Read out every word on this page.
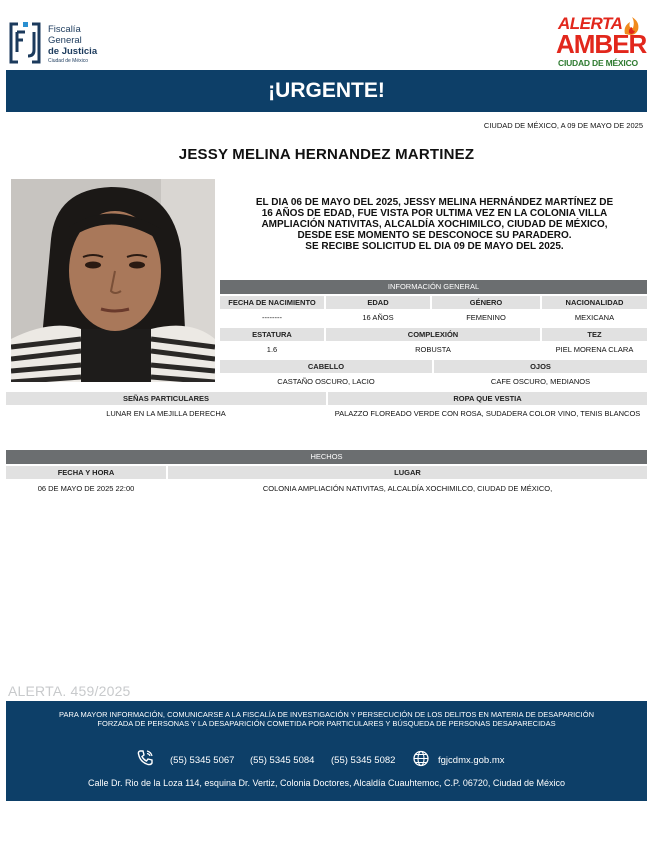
Fiscalía
General
de Justicia
Ciudad de México
ALERTA
AMBER
CIUDAD DE MÉXICO
¡URGENTE!
CIUDAD DE MÉXICO, A 09 DE MAYO DE 2025
JESSY MELINA HERNANDEZ MARTINEZ
EL DIA 06 DE MAYO DEL 2025, JESSY MELINA HERNÁNDEZ MARTÍNEZ DE
16 AÑOS DE EDAD, FUE VISTA POR ULTIMA VEZ EN LA COLONIA VILLA
AMPLIACIÓN NATIVITAS, ALCALDÍA XOCHIMILCO, CIUDAD DE MÉXICO,
DESDE ESE MOMENTO SE DESCONOCE SU PARADERO.
SE RECIBE SOLICITUD EL DIA 09 DE MAYO DEL 2025.
INFORMACIÓN GENERAL
FECHA DE NACIMIENTO	EDAD	GÉNERO	NACIONALIDAD
--------	16 AÑOS	FEMENINO	MEXICANA
ESTATURA	COMPLEXIÓN	TEZ
1.6	ROBUSTA	PIEL MORENA CLARA
CABELLO	OJOS
CASTAÑO OSCURO, LACIO	CAFE OSCURO, MEDIANOS
SEÑAS PARTICULARES	ROPA QUE VESTIA
LUNAR EN LA MEJILLA DERECHA	PALAZZO FLOREADO VERDE CON ROSA, SUDADERA COLOR VINO, TENIS BLANCOS
HECHOS
FECHA Y HORA	LUGAR
06 DE MAYO DE 2025 22:00	COLONIA AMPLIACIÓN NATIVITAS, ALCALDÍA XOCHIMILCO, CIUDAD DE MÉXICO,
ALERTA. 459/2025
PARA MAYOR INFORMACIÓN, COMUNICARSE A LA FISCALÍA DE INVESTIGACIÓN Y PERSECUCIÓN DE LOS DELITOS EN MATERIA DE DESAPARICIÓN
FORZADA DE PERSONAS Y LA DESAPARICIÓN COMETIDA POR PARTICULARES Y BÚSQUEDA DE PERSONAS DESAPARECIDAS
(55) 5345 5067 (55) 5345 5084 (55) 5345 5082	fgjcdmx.gob.mx
Calle Dr. Rio de la Loza 114, esquina Dr. Vertiz, Colonia Doctores, Alcaldía Cuauhtemoc, C.P. 06720, Ciudad de México
